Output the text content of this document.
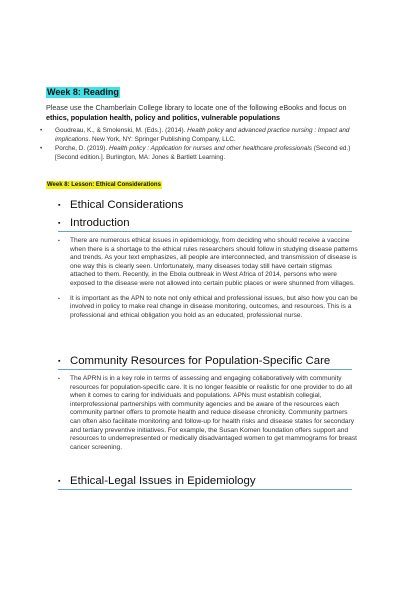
Week 8: Reading
Please use the Chamberlain College library to locate one of the following eBooks and focus on ethics, population health, policy and politics, vulnerable populations
• Goudreau, K., & Smolenski, M. (Eds.). (2014). Health policy and advanced practice nursing : Impact and implications. New York, NY: Springer Publishing Company, LLC.
• Porche, D. (2019). Health policy : Application for nurses and other healthcare professionals (Second ed.) [Second edition.]. Burlington, MA: Jones & Bartlett Learning.
Week 8: Lesson: Ethical Considerations
▪ Ethical Considerations
▪ Introduction
▪ There are numerous ethical issues in epidemiology, from deciding who should receive a vaccine when there is a shortage to the ethical rules researchers should follow in studying disease patterns and trends. As your text emphasizes, all people are interconnected, and transmission of disease is one way this is clearly seen. Unfortunately, many diseases today still have certain stigmas attached to them. Recently, in the Ebola outbreak in West Africa of 2014, persons who were exposed to the disease were not allowed into certain public places or were shunned from villages.
▪ It is important as the APN to note not only ethical and professional issues, but also how you can be involved in policy to make real change in disease monitoring, outcomes, and resources. This is a professional and ethical obligation you hold as an educated, professional nurse.
▪ Community Resources for Population-Specific Care
▪ The APRN is in a key role in terms of assessing and engaging collaboratively with community resources for population-specific care. It is no longer feasible or realistic for one provider to do all when it comes to caring for individuals and populations. APNs must establish collegial, interprofessional partnerships with community agencies and be aware of the resources each community partner offers to promote health and reduce disease chronicity. Community partners can often also facilitate monitoring and follow-up for health risks and disease states for secondary and tertiary preventive initiatives. For example, the Susan Komen foundation offers support and resources to underrepresented or medically disadvantaged women to get mammograms for breast cancer screening.
▪ Ethical-Legal Issues in Epidemiology
